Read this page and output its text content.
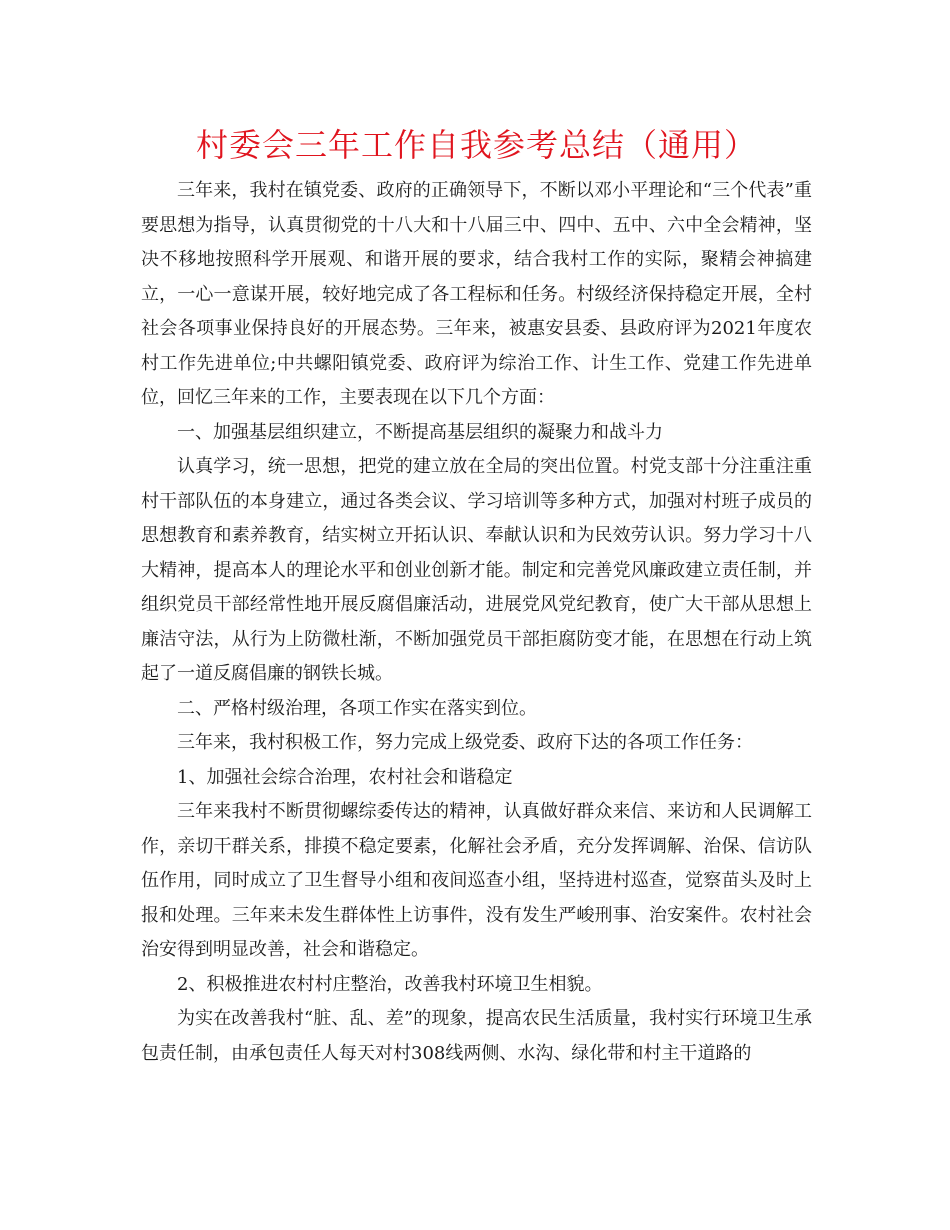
村委会三年工作自我参考总结（通用）

三年来，我村在镇党委、政府的正确领导下，不断以邓小平理论和“三个代表”重要思想为指导，认真贯彻党的十八大和十八届三中、四中、五中、六中全会精神，坚决不移地按照科学开展观、和谐开展的要求，结合我村工作的实际，聚精会神搞建立，一心一意谋开展，较好地完成了各工程标和任务。村级经济保持稳定开展，全村社会各项事业保持良好的开展态势。三年来，被惠安县委、县政府评为2021年度农村工作先进单位;中共螺阳镇党委、政府评为综治工作、计生工作、党建工作先进单位，回忆三年来的工作，主要表现在以下几个方面：

一、加强基层组织建立，不断提高基层组织的凝聚力和战斗力

认真学习，统一思想，把党的建立放在全局的突出位置。村党支部十分注重注重村干部队伍的本身建立，通过各类会议、学习培训等多种方式，加强对村班子成员的思想教育和素养教育，结实树立开拓认识、奉献认识和为民效劳认识。努力学习十八大精神，提高本人的理论水平和创业创新才能。制定和完善党风廉政建立责任制，并组织党员干部经常性地开展反腐倡廉活动，进展党风党纪教育，使广大干部从思想上廉洁守法，从行为上防微杜渐，不断加强党员干部拒腐防变才能，在思想在行动上筑起了一道反腐倡廉的钢铁长城。

二、严格村级治理，各项工作实在落实到位。

三年来，我村积极工作，努力完成上级党委、政府下达的各项工作任务：

1、加强社会综合治理，农村社会和谐稳定

三年来我村不断贯彻螺综委传达的精神，认真做好群众来信、来访和人民调解工作，亲切干群关系，排摸不稳定要素，化解社会矛盾，充分发挥调解、治保、信访队伍作用，同时成立了卫生督导小组和夜间巡查小组，坚持进村巡查，觉察苗头及时上报和处理。三年来未发生群体性上访事件，没有发生严峻刑事、治安案件。农村社会治安得到明显改善，社会和谐稳定。

2、积极推进农村村庄整治，改善我村环境卫生相貌。

为实在改善我村“脏、乱、差”的现象，提高农民生活质量，我村实行环境卫生承包责任制，由承包责任人每天对村308线两侧、水沟、绿化带和村主干道路的
